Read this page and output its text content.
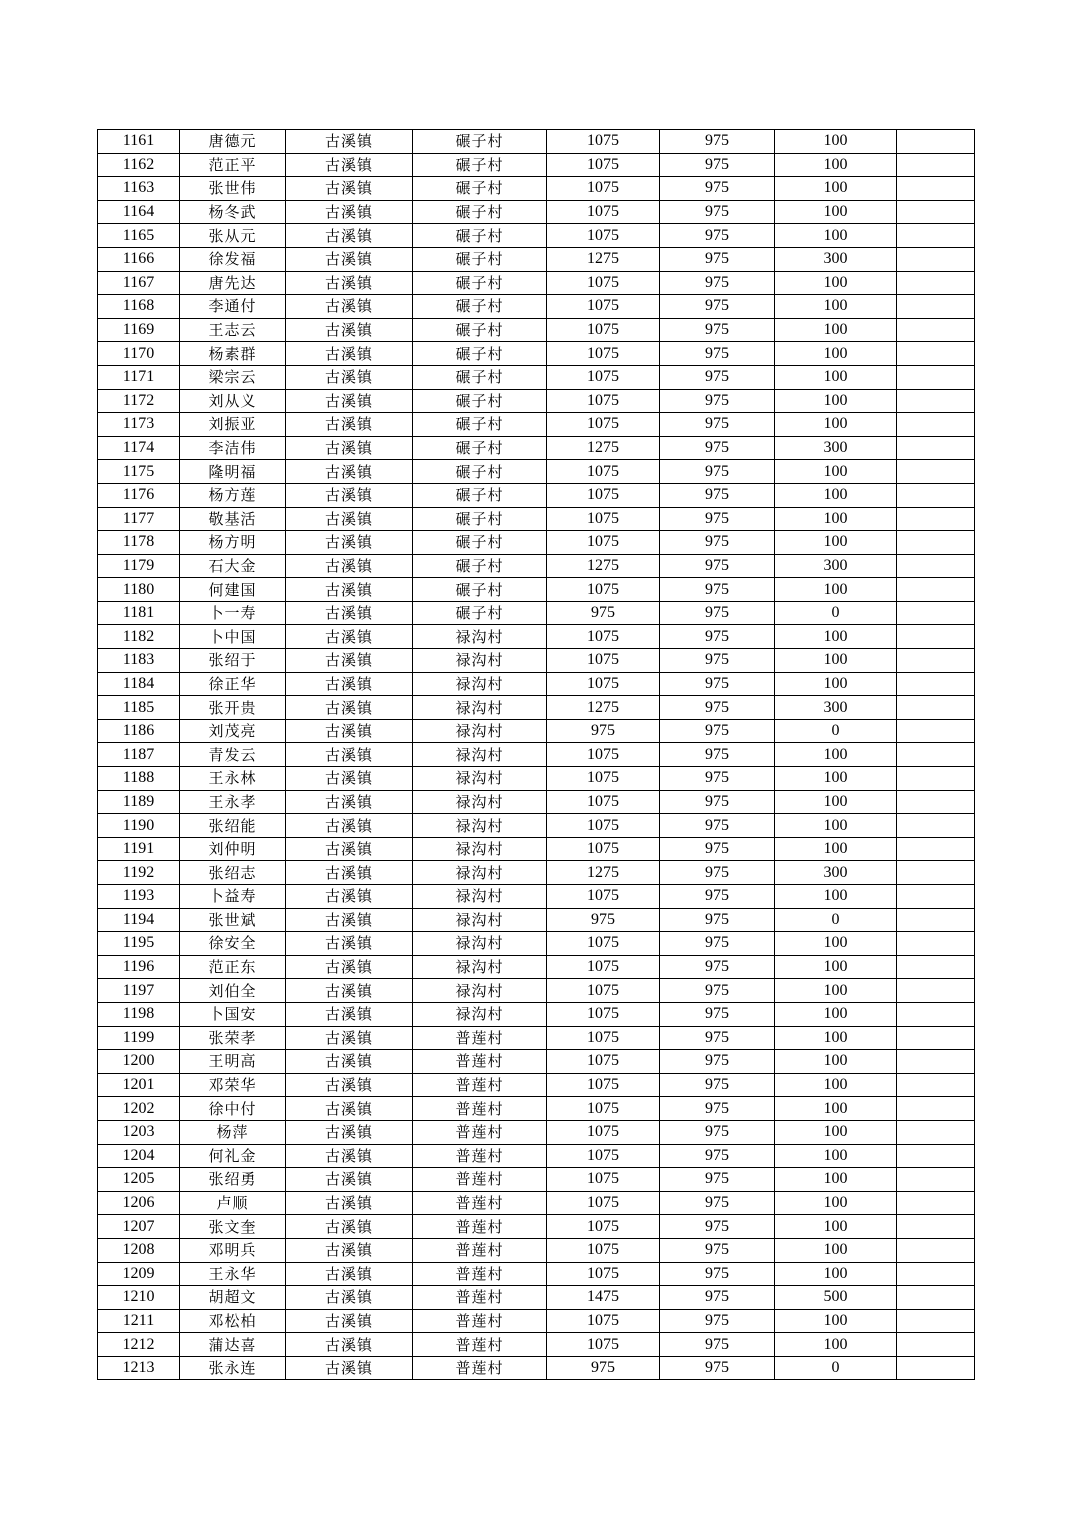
1161	唐德元	古溪镇	碾子村	1075	975	100	
1162	范正平	古溪镇	碾子村	1075	975	100	
1163	张世伟	古溪镇	碾子村	1075	975	100	
1164	杨冬武	古溪镇	碾子村	1075	975	100	
1165	张从元	古溪镇	碾子村	1075	975	100	
1166	徐发福	古溪镇	碾子村	1275	975	300	
1167	唐先达	古溪镇	碾子村	1075	975	100	
1168	李通付	古溪镇	碾子村	1075	975	100	
1169	王志云	古溪镇	碾子村	1075	975	100	
1170	杨素群	古溪镇	碾子村	1075	975	100	
1171	梁宗云	古溪镇	碾子村	1075	975	100	
1172	刘从义	古溪镇	碾子村	1075	975	100	
1173	刘振亚	古溪镇	碾子村	1075	975	100	
1174	李洁伟	古溪镇	碾子村	1275	975	300	
1175	隆明福	古溪镇	碾子村	1075	975	100	
1176	杨方莲	古溪镇	碾子村	1075	975	100	
1177	敬基活	古溪镇	碾子村	1075	975	100	
1178	杨方明	古溪镇	碾子村	1075	975	100	
1179	石大金	古溪镇	碾子村	1275	975	300	
1180	何建国	古溪镇	碾子村	1075	975	100	
1181	卜一寿	古溪镇	碾子村	975	975	0	
1182	卜中国	古溪镇	禄沟村	1075	975	100	
1183	张绍于	古溪镇	禄沟村	1075	975	100	
1184	徐正华	古溪镇	禄沟村	1075	975	100	
1185	张开贵	古溪镇	禄沟村	1275	975	300	
1186	刘茂亮	古溪镇	禄沟村	975	975	0	
1187	青发云	古溪镇	禄沟村	1075	975	100	
1188	王永林	古溪镇	禄沟村	1075	975	100	
1189	王永孝	古溪镇	禄沟村	1075	975	100	
1190	张绍能	古溪镇	禄沟村	1075	975	100	
1191	刘仲明	古溪镇	禄沟村	1075	975	100	
1192	张绍志	古溪镇	禄沟村	1275	975	300	
1193	卜益寿	古溪镇	禄沟村	1075	975	100	
1194	张世斌	古溪镇	禄沟村	975	975	0	
1195	徐安全	古溪镇	禄沟村	1075	975	100	
1196	范正东	古溪镇	禄沟村	1075	975	100	
1197	刘伯全	古溪镇	禄沟村	1075	975	100	
1198	卜国安	古溪镇	禄沟村	1075	975	100	
1199	张荣孝	古溪镇	普莲村	1075	975	100	
1200	王明高	古溪镇	普莲村	1075	975	100	
1201	邓荣华	古溪镇	普莲村	1075	975	100	
1202	徐中付	古溪镇	普莲村	1075	975	100	
1203	杨萍	古溪镇	普莲村	1075	975	100	
1204	何礼金	古溪镇	普莲村	1075	975	100	
1205	张绍勇	古溪镇	普莲村	1075	975	100	
1206	卢顺	古溪镇	普莲村	1075	975	100	
1207	张文奎	古溪镇	普莲村	1075	975	100	
1208	邓明兵	古溪镇	普莲村	1075	975	100	
1209	王永华	古溪镇	普莲村	1075	975	100	
1210	胡超文	古溪镇	普莲村	1475	975	500	
1211	邓松柏	古溪镇	普莲村	1075	975	100	
1212	蒲达喜	古溪镇	普莲村	1075	975	100	
1213	张永连	古溪镇	普莲村	975	975	0	
